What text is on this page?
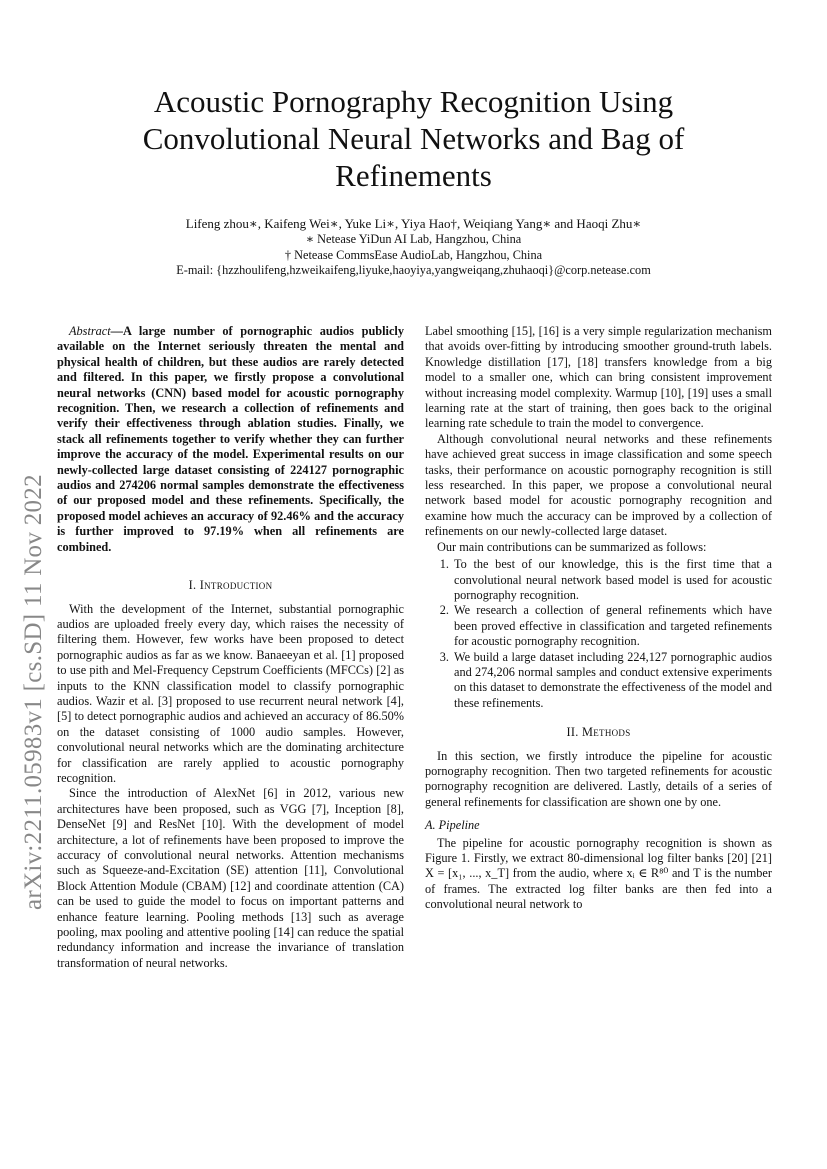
arXiv:2211.05983v1 [cs.SD] 11 Nov 2022
Acoustic Pornography Recognition Using Convolutional Neural Networks and Bag of Refinements
Lifeng zhou∗, Kaifeng Wei∗, Yuke Li∗, Yiya Hao†, Weiqiang Yang∗ and Haoqi Zhu∗
∗ Netease YiDun AI Lab, Hangzhou, China
† Netease CommsEase AudioLab, Hangzhou, China
E-mail: {hzzhoulifeng,hzweikaifeng,liyuke,haoyiya,yangweiqang,zhuhaoqi}@corp.netease.com

Abstract—A large number of pornographic audios publicly available on the Internet seriously threaten the mental and physical health of children, but these audios are rarely detected and filtered. In this paper, we firstly propose a convolutional neural networks (CNN) based model for acoustic pornography recognition. Then, we research a collection of refinements and verify their effectiveness through ablation studies. Finally, we stack all refinements together to verify whether they can further improve the accuracy of the model. Experimental results on our newly-collected large dataset consisting of 224127 pornographic audios and 274206 normal samples demonstrate the effectiveness of our proposed model and these refinements. Specifically, the proposed model achieves an accuracy of 92.46% and the accuracy is further improved to 97.19% when all refinements are combined.

I. Introduction

With the development of the Internet, substantial pornographic audios are uploaded freely every day, which raises the necessity of filtering them. However, few works have been proposed to detect pornographic audios as far as we know. Banaeeyan et al. [1] proposed to use pith and Mel-Frequency Cepstrum Coefficients (MFCCs) [2] as inputs to the KNN classification model to classify pornographic audios. Wazir et al. [3] proposed to use recurrent neural network [4], [5] to detect pornographic audios and achieved an accuracy of 86.50% on the dataset consisting of 1000 audio samples. However, convolutional neural networks which are the dominating architecture for classification are rarely applied to acoustic pornography recognition.

Since the introduction of AlexNet [6] in 2012, various new architectures have been proposed, such as VGG [7], Inception [8], DenseNet [9] and ResNet [10]. With the development of model architecture, a lot of refinements have been proposed to improve the accuracy of convolutional neural networks. Attention mechanisms such as Squeeze-and-Excitation (SE) attention [11], Convolutional Block Attention Module (CBAM) [12] and coordinate attention (CA) can be used to guide the model to focus on important patterns and enhance feature learning. Pooling methods [13] such as average pooling, max pooling and attentive pooling [14] can reduce the spatial redundancy information and increase the invariance of translation transformation of neural networks.

Label smoothing [15], [16] is a very simple regularization mechanism that avoids over-fitting by introducing smoother ground-truth labels. Knowledge distillation [17], [18] transfers knowledge from a big model to a smaller one, which can bring consistent improvement without increasing model complexity. Warmup [10], [19] uses a small learning rate at the start of training, then goes back to the original learning rate schedule to train the model to convergence.

Although convolutional neural networks and these refinements have achieved great success in image classification and some speech tasks, their performance on acoustic pornography recognition is still less researched. In this paper, we propose a convolutional neural network based model for acoustic pornography recognition and examine how much the accuracy can be improved by a collection of refinements on our newly-collected large dataset.

Our main contributions can be summarized as follows:

1. To the best of our knowledge, this is the first time that a convolutional neural network based model is used for acoustic pornography recognition.
2. We research a collection of general refinements which have been proved effective in classification and targeted refinements for acoustic pornography recognition.
3. We build a large dataset including 224,127 pornographic audios and 274,206 normal samples and conduct extensive experiments on this dataset to demonstrate the effectiveness of the model and these refinements.
II. Methods

In this section, we firstly introduce the pipeline for acoustic pornography recognition. Then two targeted refinements for acoustic pornography recognition are delivered. Lastly, details of a series of general refinements for classification are shown one by one.

A. Pipeline

The pipeline for acoustic pornography recognition is shown as Figure 1. Firstly, we extract 80-dimensional log filter banks [20] [21] X = [x₁, ..., x_T] from the audio, where xᵢ ∈ R⁸⁰ and T is the number of frames. The extracted log filter banks are then fed into a convolutional neural network to
